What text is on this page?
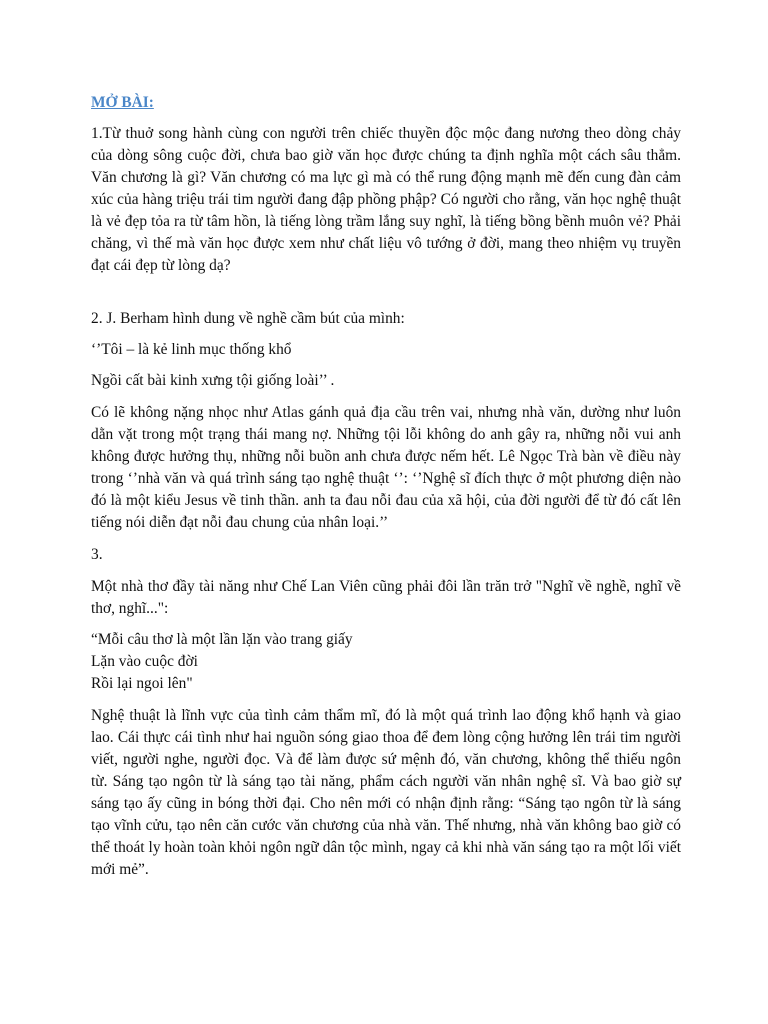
MỞ BÀI:

1.Từ thuở song hành cùng con người trên chiếc thuyền độc mộc đang nương theo dòng chảy của dòng sông cuộc đời, chưa bao giờ văn học được chúng ta định nghĩa một cách sâu thẳm. Văn chương là gì? Văn chương có ma lực gì mà có thể rung động mạnh mẽ đến cung đàn cảm xúc của hàng triệu trái tim người đang đập phồng phập? Có người cho rằng, văn học nghệ thuật là vẻ đẹp tỏa ra từ tâm hồn, là tiếng lòng trầm lắng suy nghĩ, là tiếng bồng bềnh muôn vẻ? Phải chăng, vì thế mà văn học được xem như chất liệu vô tướng ở đời, mang theo nhiệm vụ truyền đạt cái đẹp từ lòng dạ?

2. J. Berham hình dung về nghề cầm bút của mình:

‘’Tôi – là kẻ linh mục thống khổ

Ngồi cất bài kinh xưng tội giống loài’’ .

Có lẽ không nặng nhọc như Atlas gánh quả địa cầu trên vai, nhưng nhà văn, dường như luôn dằn vặt trong một trạng thái mang nợ. Những tội lỗi không do anh gây ra, những nỗi vui anh không được hưởng thụ, những nỗi buồn anh chưa được nếm hết. Lê Ngọc Trà bàn về điều này trong ‘’nhà văn và quá trình sáng tạo nghệ thuật ‘’: ‘’Nghệ sĩ đích thực ở một phương diện nào đó là một kiểu Jesus về tinh thần. anh ta đau nỗi đau của xã hội, của đời người để từ đó cất lên tiếng nói diễn đạt nỗi đau chung của nhân loại.’’

3.

Một nhà thơ đầy tài năng như Chế Lan Viên cũng phải đôi lần trăn trở "Nghĩ về nghề, nghĩ về thơ, nghĩ...":

“Mỗi câu thơ là một lần lặn vào trang giấy
Lặn vào cuộc đời
Rồi lại ngoi lên"

Nghệ thuật là lĩnh vực của tình cảm thẩm mĩ, đó là một quá trình lao động khổ hạnh và giao lao. Cái thực cái tình như hai nguồn sóng giao thoa để đem lòng cộng hưởng lên trái tim người viết, người nghe, người đọc. Và để làm được sứ mệnh đó, văn chương, không thể thiếu ngôn từ. Sáng tạo ngôn từ là sáng tạo tài năng, phẩm cách người văn nhân nghệ sĩ. Và bao giờ sự sáng tạo ấy cũng in bóng thời đại. Cho nên mới có nhận định rằng: “Sáng tạo ngôn từ là sáng tạo vĩnh cửu, tạo nên căn cước văn chương của nhà văn. Thế nhưng, nhà văn không bao giờ có thể thoát ly hoàn toàn khỏi ngôn ngữ dân tộc mình, ngay cả khi nhà văn sáng tạo ra một lối viết mới mẻ”.
